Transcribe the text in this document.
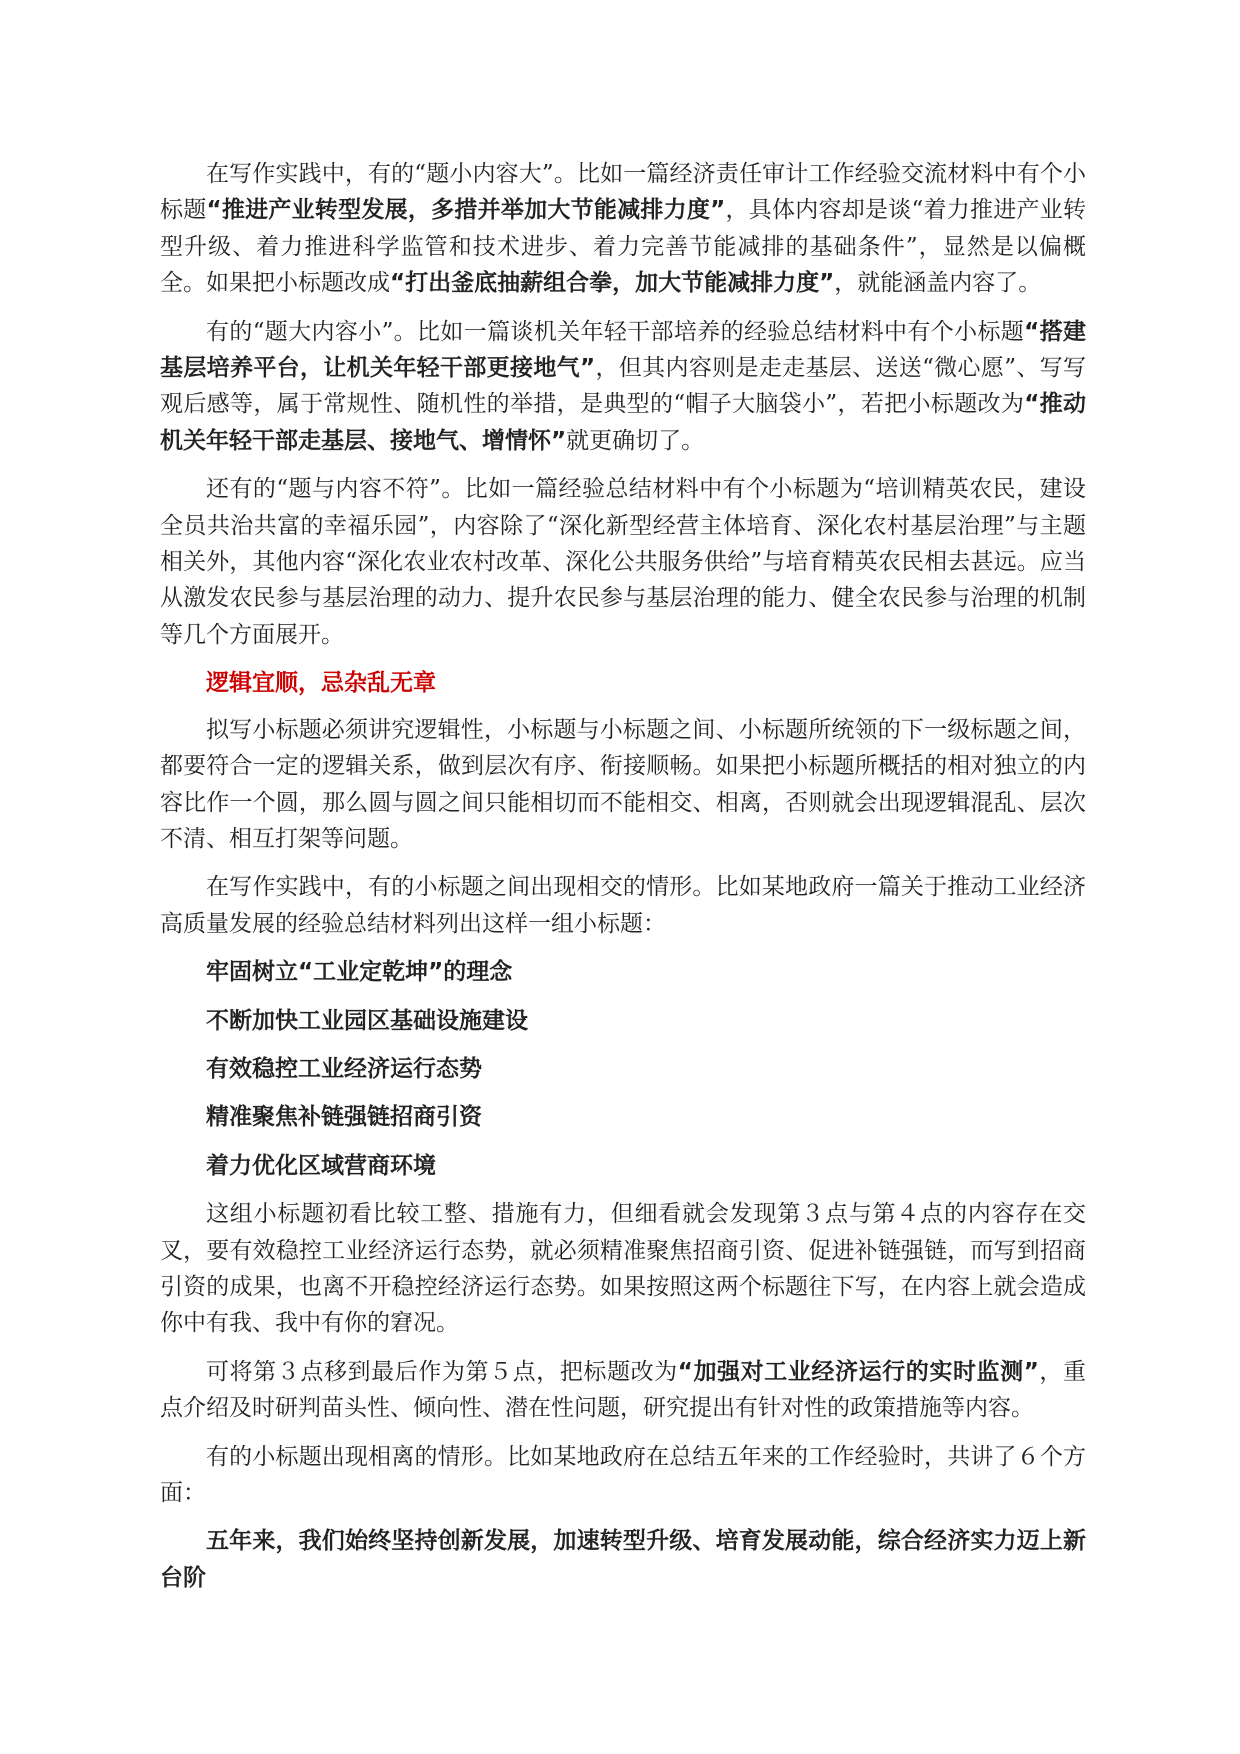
在写作实践中，有的“题小内容大”。比如一篇经济责任审计工作经验交流材料中有个小标题“推进产业转型发展，多措并举加大节能减排力度”，具体内容却是谈“着力推进产业转型升级、着力推进科学监管和技术进步、着力完善节能减排的基础条件”，显然是以偏概全。如果把小标题改成“打出釜底抽薪组合拳，加大节能减排力度”，就能涵盖内容了。

有的“题大内容小”。比如一篇谈机关年轻干部培养的经验总结材料中有个小标题“搭建基层培养平台，让机关年轻干部更接地气”，但其内容则是走走基层、送送“微心愿”、写写观后感等，属于常规性、随机性的举措，是典型的“帽子大脑袋小”，若把小标题改为“推动机关年轻干部走基层、接地气、增情怀”就更确切了。

还有的“题与内容不符”。比如一篇经验总结材料中有个小标题为“培训精英农民，建设全员共治共富的幸福乐园”，内容除了“深化新型经营主体培育、深化农村基层治理”与主题相关外，其他内容“深化农业农村改革、深化公共服务供给”与培育精英农民相去甚远。应当从激发农民参与基层治理的动力、提升农民参与基层治理的能力、健全农民参与治理的机制等几个方面展开。

逻辑宜顺，忌杂乱无章

拟写小标题必须讲究逻辑性，小标题与小标题之间、小标题所统领的下一级标题之间，都要符合一定的逻辑关系，做到层次有序、衔接顺畅。如果把小标题所概括的相对独立的内容比作一个圆，那么圆与圆之间只能相切而不能相交、相离，否则就会出现逻辑混乱、层次不清、相互打架等问题。

在写作实践中，有的小标题之间出现相交的情形。比如某地政府一篇关于推动工业经济高质量发展的经验总结材料列出这样一组小标题：

牢固树立“工业定乾坤”的理念

不断加快工业园区基础设施建设

有效稳控工业经济运行态势

精准聚焦补链强链招商引资

着力优化区域营商环境

这组小标题初看比较工整、措施有力，但细看就会发现第３点与第４点的内容存在交叉，要有效稳控工业经济运行态势，就必须精准聚焦招商引资、促进补链强链，而写到招商引资的成果，也离不开稳控经济运行态势。如果按照这两个标题往下写，在内容上就会造成你中有我、我中有你的窘况。

可将第３点移到最后作为第５点，把标题改为“加强对工业经济运行的实时监测”，重点介绍及时研判苗头性、倾向性、潜在性问题，研究提出有针对性的政策措施等内容。

有的小标题出现相离的情形。比如某地政府在总结五年来的工作经验时，共讲了６个方面：

五年来，我们始终坚持创新发展，加速转型升级、培育发展动能，综合经济实力迈上新台阶
